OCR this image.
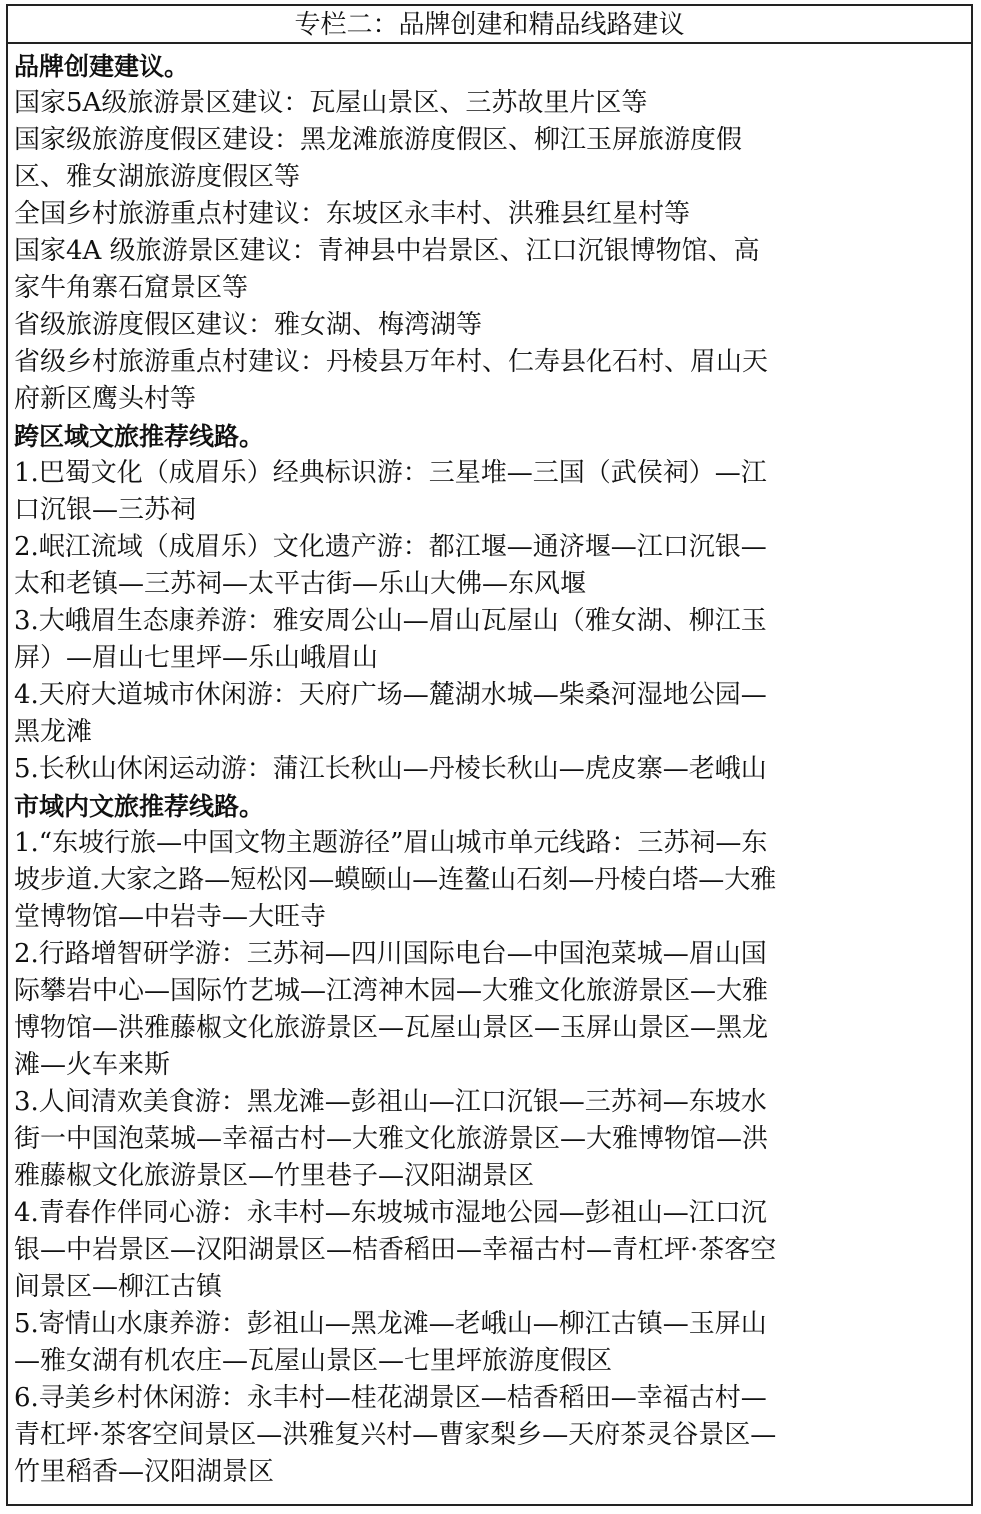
专栏二：品牌创建和精品线路建议
品牌创建建议。
国家5A级旅游景区建议：瓦屋山景区、三苏故里片区等
国家级旅游度假区建设：黑龙滩旅游度假区、柳江玉屏旅游度假
区、雅女湖旅游度假区等
全国乡村旅游重点村建议：东坡区永丰村、洪雅县红星村等
国家4A 级旅游景区建议：青神县中岩景区、江口沉银博物馆、高
家牛角寨石窟景区等
省级旅游度假区建议：雅女湖、梅湾湖等
省级乡村旅游重点村建议：丹棱县万年村、仁寿县化石村、眉山天
府新区鹰头村等
跨区域文旅推荐线路。
1.巴蜀文化（成眉乐）经典标识游：三星堆—三国（武侯祠）—江
口沉银—三苏祠
2.岷江流域（成眉乐）文化遗产游：都江堰—通济堰—江口沉银—
太和老镇—三苏祠—太平古街—乐山大佛—东风堰
3.大峨眉生态康养游：雅安周公山—眉山瓦屋山（雅女湖、柳江玉
屏）—眉山七里坪—乐山峨眉山
4.天府大道城市休闲游：天府广场—麓湖水城—柴桑河湿地公园—
黑龙滩
5.长秋山休闲运动游：蒲江长秋山—丹棱长秋山—虎皮寨—老峨山
市域内文旅推荐线路。
1.“东坡行旅—中国文物主题游径”眉山城市单元线路：三苏祠—东
坡步道.大家之路—短松冈—蟆颐山—连鳌山石刻—丹棱白塔—大雅
堂博物馆—中岩寺—大旺寺
2.行路增智研学游：三苏祠—四川国际电台—中国泡菜城—眉山国
际攀岩中心—国际竹艺城—江湾神木园—大雅文化旅游景区—大雅
博物馆—洪雅藤椒文化旅游景区—瓦屋山景区—玉屏山景区—黑龙
滩—火车来斯
3.人间清欢美食游：黑龙滩—彭祖山—江口沉银—三苏祠—东坡水
街一中国泡菜城—幸福古村—大雅文化旅游景区—大雅博物馆—洪
雅藤椒文化旅游景区—竹里巷子—汉阳湖景区
4.青春作伴同心游：永丰村—东坡城市湿地公园—彭祖山—江口沉
银—中岩景区—汉阳湖景区—桔香稻田—幸福古村—青杠坪·茶客空
间景区—柳江古镇
5.寄情山水康养游：彭祖山—黑龙滩—老峨山—柳江古镇—玉屏山
—雅女湖有机农庄—瓦屋山景区—七里坪旅游度假区
6.寻美乡村休闲游：永丰村—桂花湖景区—桔香稻田—幸福古村—
青杠坪·茶客空间景区—洪雅复兴村—曹家梨乡—天府茶灵谷景区—
竹里稻香—汉阳湖景区
